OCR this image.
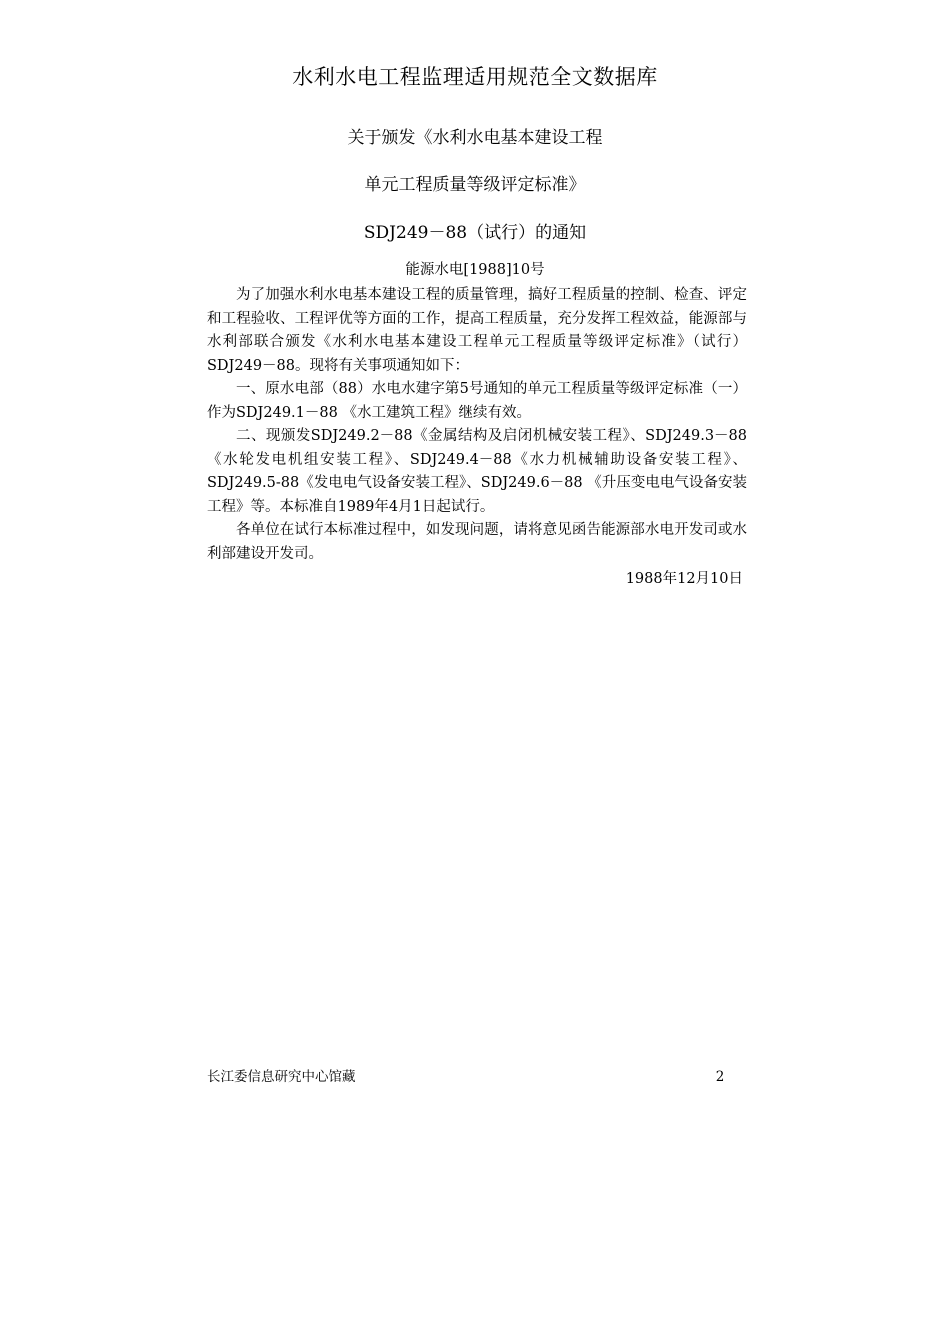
水利水电工程监理适用规范全文数据库
关于颁发《水利水电基本建设工程
单元工程质量等级评定标准》
SDJ249－88（试行）的通知
能源水电[1988]10号

为了加强水利水电基本建设工程的质量管理，搞好工程质量的控制、检查、评定和工程验收、工程评优等方面的工作，提高工程质量，充分发挥工程效益，能源部与水利部联合颁发《水利水电基本建设工程单元工程质量等级评定标准》（试行）SDJ249－88。现将有关事项通知如下：

一、原水电部（88）水电水建字第5号通知的单元工程质量等级评定标准（一）作为SDJ249.1－88 《水工建筑工程》继续有效。

二、现颁发SDJ249.2－88《金属结构及启闭机械安装工程》、SDJ249.3－88《水轮发电机组安装工程》、SDJ249.4－88《水力机械辅助设备安装工程》、SDJ249.5-88《发电电气设备安装工程》、SDJ249.6－88 《升压变电电气设备安装工程》等。本标准自1989年4月1日起试行。

各单位在试行本标准过程中，如发现问题，请将意见函告能源部水电开发司或水利部建设开发司。

1988年12月10日
长江委信息研究中心馆藏	2
